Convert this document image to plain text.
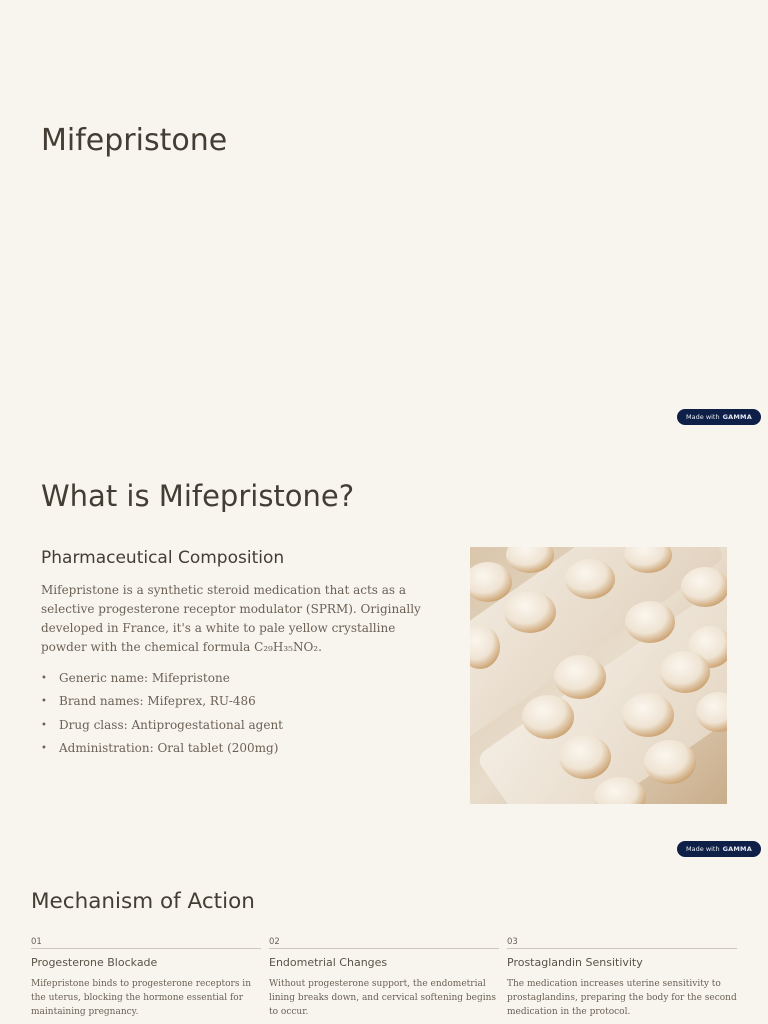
Mifepristone
Made with GAMMA
What is Mifepristone?
Pharmaceutical Composition

Mifepristone is a synthetic steroid medication that acts as a selective progesterone receptor modulator (SPRM). Originally developed in France, it's a white to pale yellow crystalline powder with the chemical formula C₂₉H₃₅NO₂.

• Generic name: Mifepristone
• Brand names: Mifeprex, RU-486
• Drug class: Antiprogestational agent
• Administration: Oral tablet (200mg)
Made with GAMMA
Mechanism of Action
01
Progesterone Blockade
Mifepristone binds to progesterone receptors in the uterus, blocking the hormone essential for maintaining pregnancy.
02
Endometrial Changes
Without progesterone support, the endometrial lining breaks down, and cervical softening begins to occur.
03
Prostaglandin Sensitivity
The medication increases uterine sensitivity to prostaglandins, preparing the body for the second medication in the protocol.
